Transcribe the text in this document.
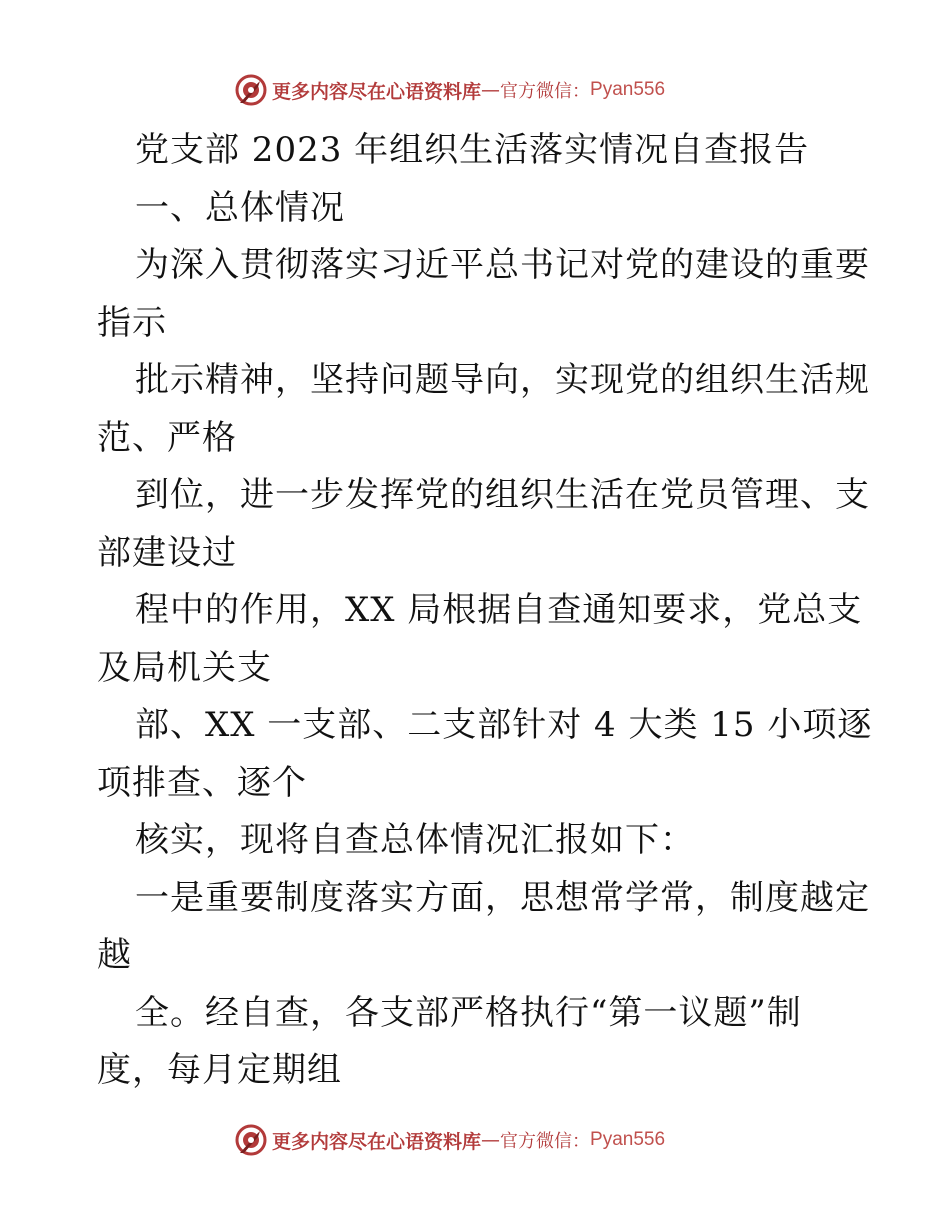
更多内容尽在心语资料库 — 官方微信： Pyan556
党支部 2023 年组织生活落实情况自查报告
一、总体情况
为深入贯彻落实习近平总书记对党的建设的重要
指示
批示精神，坚持问题导向，实现党的组织生活规
范、严格
到位，进一步发挥党的组织生活在党员管理、支
部建设过
程中的作用，XX 局根据自查通知要求，党总支
及局机关支
部、XX 一支部、二支部针对 4 大类 15 小项逐
项排查、逐个
核实，现将自查总体情况汇报如下：
一是重要制度落实方面，思想常学常，制度越定
越
全。经自查，各支部严格执行“第一议题”制
度，每月定期组
更多内容尽在心语资料库 — 官方微信： Pyan556
